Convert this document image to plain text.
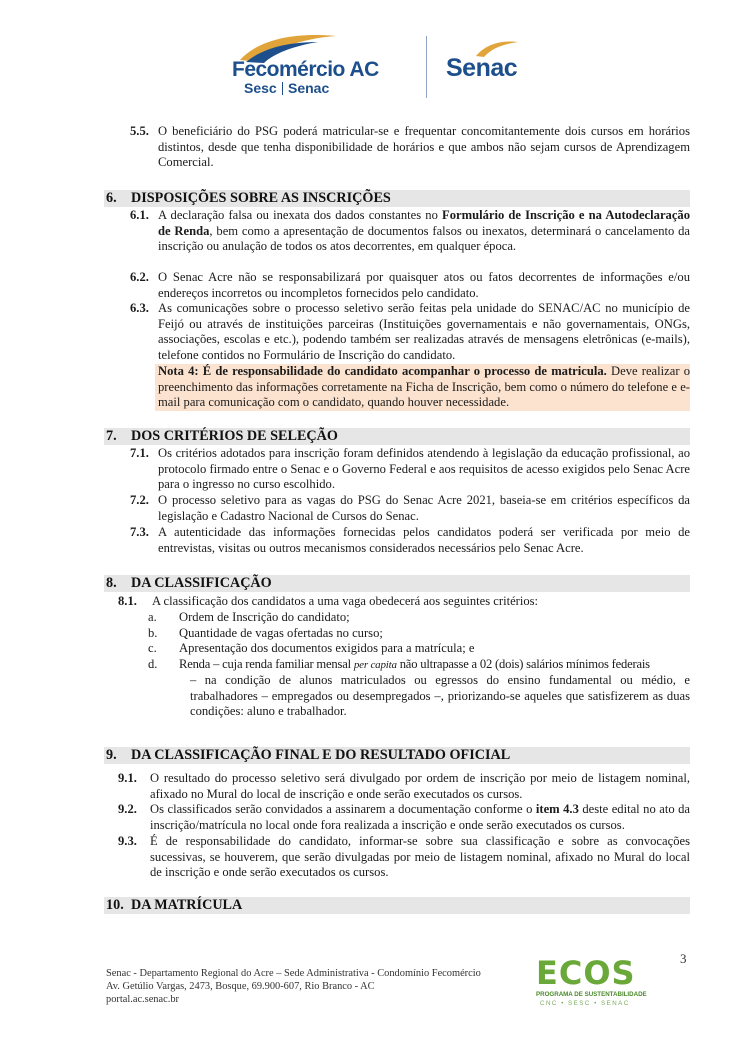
Fecomércio AC
Sesc Senac
Senac
5.5. O beneficiário do PSG poderá matricular-se e frequentar concomitantemente dois cursos em horários distintos, desde que tenha disponibilidade de horários e que ambos não sejam cursos de Aprendizagem Comercial.
6. DISPOSIÇÕES SOBRE AS INSCRIÇÕES
6.1. A declaração falsa ou inexata dos dados constantes no Formulário de Inscrição e na Autodeclaração de Renda, bem como a apresentação de documentos falsos ou inexatos, determinará o cancelamento da inscrição ou anulação de todos os atos decorrentes, em qualquer época.
6.2. O Senac Acre não se responsabilizará por quaisquer atos ou fatos decorrentes de informações e/ou endereços incorretos ou incompletos fornecidos pelo candidato.
6.3. As comunicações sobre o processo seletivo serão feitas pela unidade do SENAC/AC no município de Feijó ou através de instituições parceiras (Instituições governamentais e não governamentais, ONGs, associações, escolas e etc.), podendo também ser realizadas através de mensagens eletrônicas (e-mails), telefone contidos no Formulário de Inscrição do candidato.
Nota 4: É de responsabilidade do candidato acompanhar o processo de matricula. Deve realizar o preenchimento das informações corretamente na Ficha de Inscrição, bem como o número do telefone e e-mail para comunicação com o candidato, quando houver necessidade.
7. DOS CRITÉRIOS DE SELEÇÃO
7.1. Os critérios adotados para inscrição foram definidos atendendo à legislação da educação profissional, ao protocolo firmado entre o Senac e o Governo Federal e aos requisitos de acesso exigidos pelo Senac Acre para o ingresso no curso escolhido.
7.2. O processo seletivo para as vagas do PSG do Senac Acre 2021, baseia-se em critérios específicos da legislação e Cadastro Nacional de Cursos do Senac.
7.3. A autenticidade das informações fornecidas pelos candidatos poderá ser verificada por meio de entrevistas, visitas ou outros mecanismos considerados necessários pelo Senac Acre.
8. DA CLASSIFICAÇÃO
8.1. A classificação dos candidatos a uma vaga obedecerá aos seguintes critérios:
a. Ordem de Inscrição do candidato;
b. Quantidade de vagas ofertadas no curso;
c. Apresentação dos documentos exigidos para a matrícula; e
d. Renda – cuja renda familiar mensal per capita não ultrapasse a 02 (dois) salários mínimos federais
– na condição de alunos matriculados ou egressos do ensino fundamental ou médio, e trabalhadores – empregados ou desempregados –, priorizando-se aqueles que satisfizerem as duas condições: aluno e trabalhador.
9. DA CLASSIFICAÇÃO FINAL E DO RESULTADO OFICIAL
9.1. O resultado do processo seletivo será divulgado por ordem de inscrição por meio de listagem nominal, afixado no Mural do local de inscrição e onde serão executados os cursos.
9.2. Os classificados serão convidados a assinarem a documentação conforme o item 4.3 deste edital no ato da inscrição/matrícula no local onde fora realizada a inscrição e onde serão executados os cursos.
9.3. É de responsabilidade do candidato, informar-se sobre sua classificação e sobre as convocações sucessivas, se houverem, que serão divulgadas por meio de listagem nominal, afixado no Mural do local de inscrição e onde serão executados os cursos.
10. DA MATRÍCULA
Senac - Departamento Regional do Acre – Sede Administrativa - Condomínio Fecomércio
Av. Getúlio Vargas, 2473, Bosque, 69.900-607, Rio Branco - AC
portal.ac.senac.br
3
ECOS
PROGRAMA DE SUSTENTABILIDADE
CNC • SESC • SENAC
